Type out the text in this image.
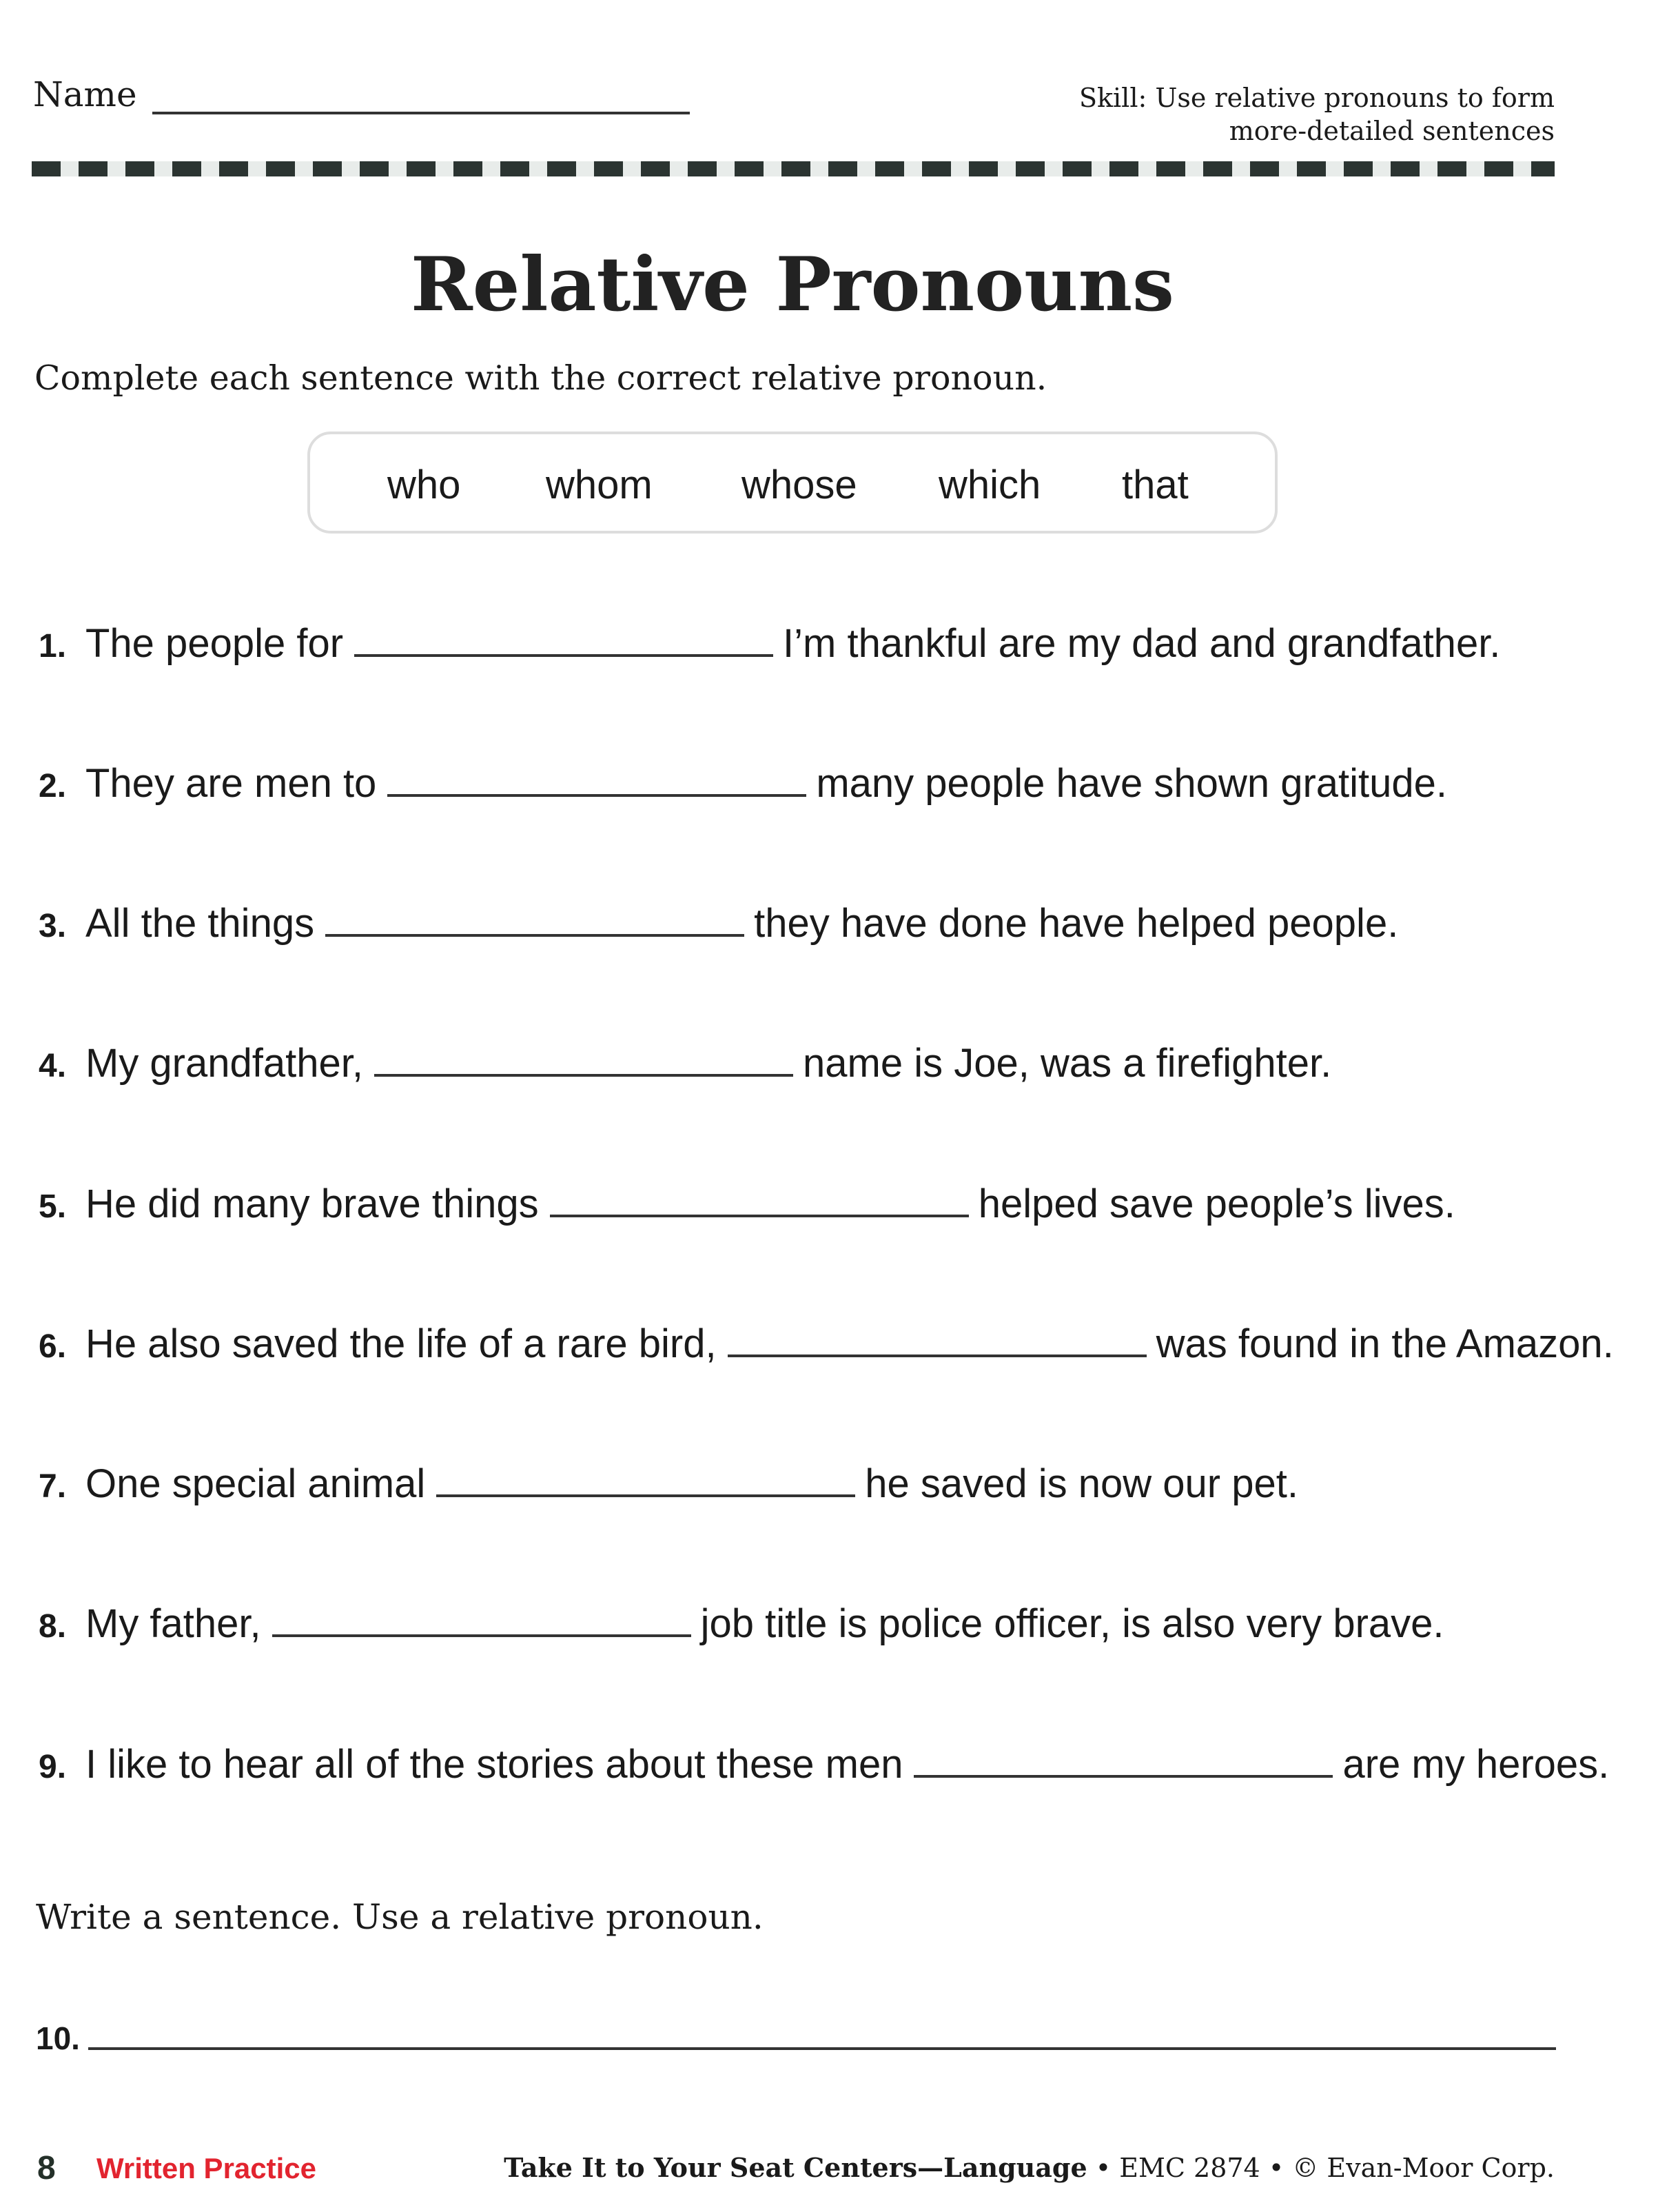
Name	Skill: Use relative pronouns to form
more-detailed sentences
Relative Pronouns
Complete each sentence with the correct relative pronoun.
who whom whose which that
1. The people for	I’m thankful are my dad and grandfather.
2. They are men to	many people have shown gratitude.
3. All the things	they have done have helped people.
4. My grandfather,	name is Joe, was a firefighter.
5. He did many brave things	helped save people’s lives.
6. He also saved the life of a rare bird,	was found in the Amazon.
7. One special animal	he saved is now our pet.
8. My father,	job title is police officer, is also very brave.
9. I like to hear all of the stories about these men	are my heroes.
Write a sentence. Use a relative pronoun.
10.
8 Written Practice	Take It to Your Seat Centers—Language • EMC 2874 • © Evan-Moor Corp.
